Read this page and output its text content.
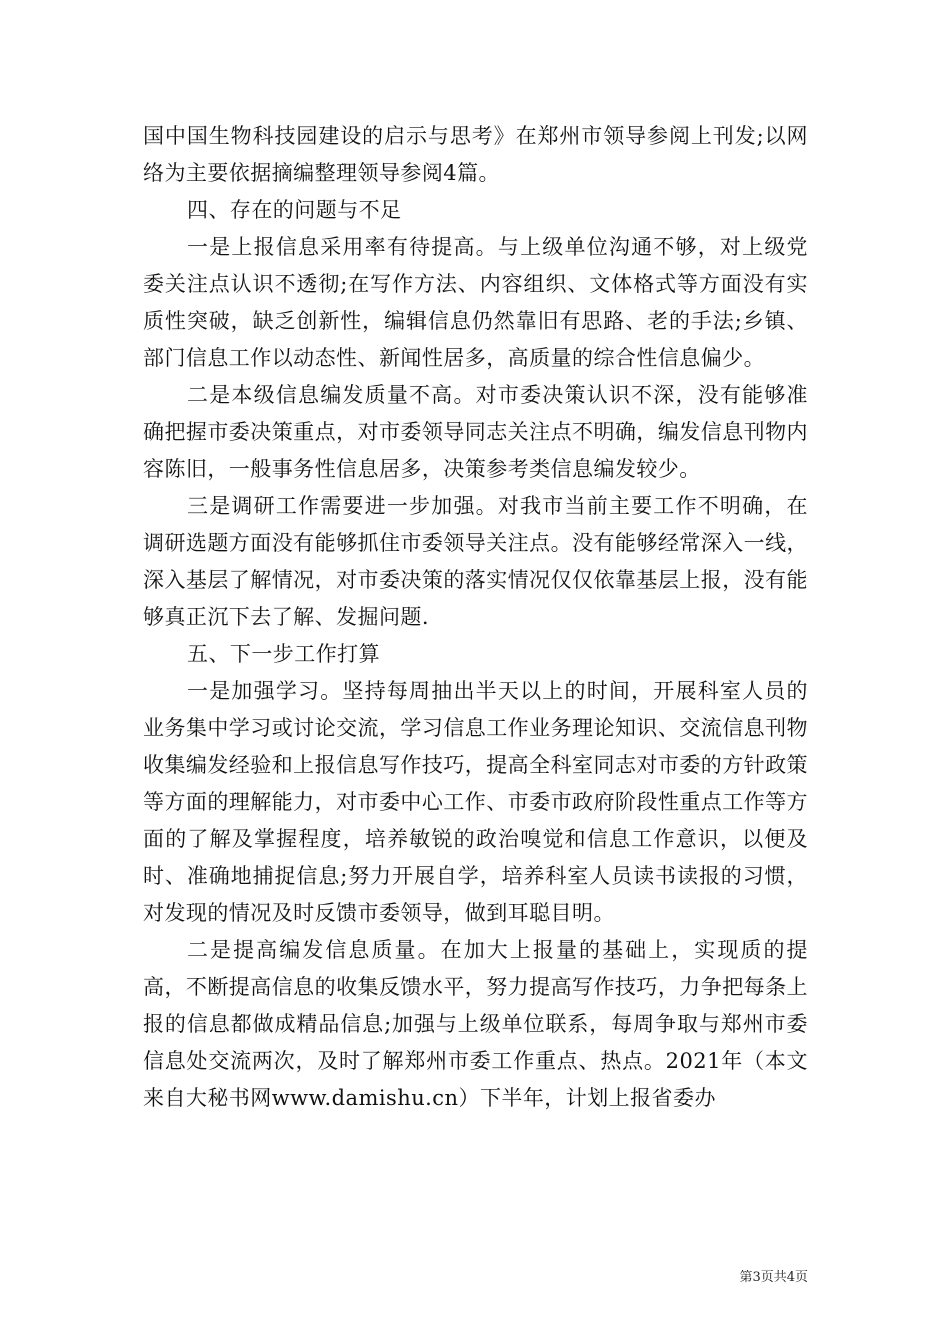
国中国生物科技园建设的启示与思考》在郑州市领导参阅上刊发;以网络为主要依据摘编整理领导参阅4篇。

四、存在的问题与不足

一是上报信息采用率有待提高。与上级单位沟通不够，对上级党委关注点认识不透彻;在写作方法、内容组织、文体格式等方面没有实质性突破，缺乏创新性，编辑信息仍然靠旧有思路、老的手法;乡镇、部门信息工作以动态性、新闻性居多，高质量的综合性信息偏少。

二是本级信息编发质量不高。对市委决策认识不深，没有能够准确把握市委决策重点，对市委领导同志关注点不明确，编发信息刊物内容陈旧，一般事务性信息居多，决策参考类信息编发较少。

三是调研工作需要进一步加强。对我市当前主要工作不明确，在调研选题方面没有能够抓住市委领导关注点。没有能够经常深入一线，深入基层了解情况，对市委决策的落实情况仅仅依靠基层上报，没有能够真正沉下去了解、发掘问题.

五、下一步工作打算

一是加强学习。坚持每周抽出半天以上的时间，开展科室人员的业务集中学习或讨论交流，学习信息工作业务理论知识、交流信息刊物收集编发经验和上报信息写作技巧，提高全科室同志对市委的方针政策等方面的理解能力，对市委中心工作、市委市政府阶段性重点工作等方面的了解及掌握程度，培养敏锐的政治嗅觉和信息工作意识，以便及时、准确地捕捉信息;努力开展自学，培养科室人员读书读报的习惯，对发现的情况及时反馈市委领导，做到耳聪目明。

二是提高编发信息质量。在加大上报量的基础上，实现质的提高，不断提高信息的收集反馈水平，努力提高写作技巧，力争把每条上报的信息都做成精品信息;加强与上级单位联系，每周争取与郑州市委信息处交流两次，及时了解郑州市委工作重点、热点。2021年（本文来自大秘书网www.damishu.cn）下半年，计划上报省委办

第3页共4页
